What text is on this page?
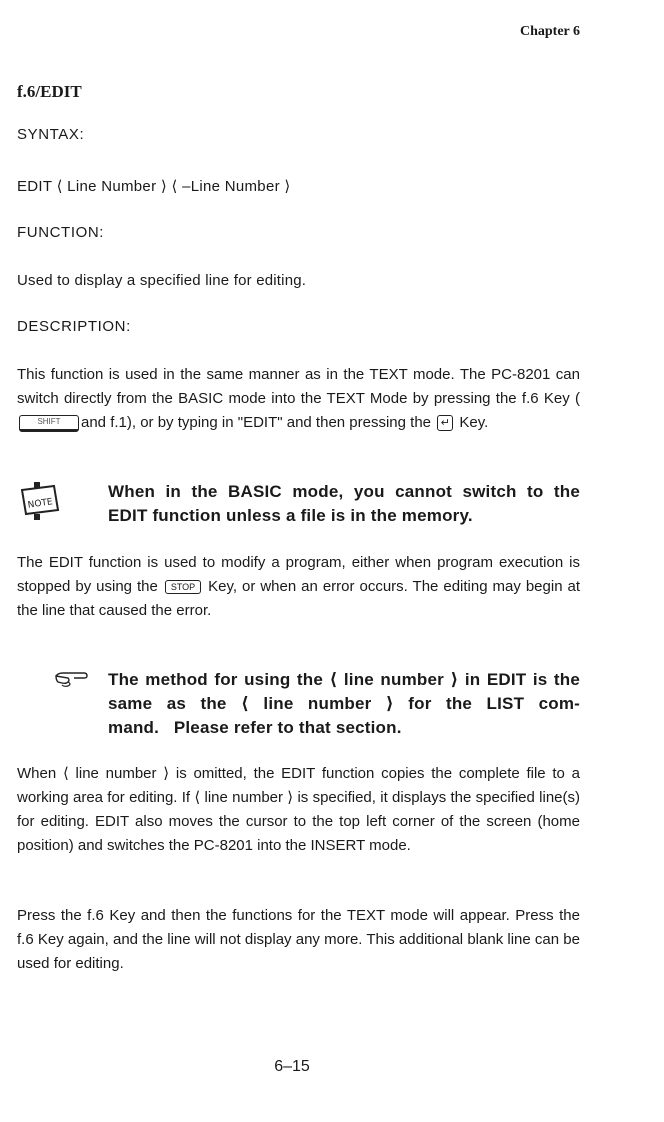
Chapter 6
f.6/EDIT
SYNTAX:
EDIT ⟨ Line Number ⟩ ⟨ –Line Number ⟩
FUNCTION:
Used to display a specified line for editing.
DESCRIPTION:

This function is used in the same manner as in the TEXT mode. The PC-8201 can switch directly from the BASIC mode into the TEXT Mode by pressing the f.6 Key (SHIFT and f.1), or by typing in "EDIT" and then pressing the ↵ Key.

NOTE
When in the BASIC mode, you cannot switch to the
EDIT function unless a file is in the memory.

The EDIT function is used to modify a program, either when program execution is stopped by using the STOP Key, or when an error occurs. The editing may begin at the line that caused the error.

The method for using the ⟨ line number ⟩ in EDIT is the
same as the ⟨ line number ⟩ for the LIST com-
mand.   Please refer to that section.
When ⟨ line number ⟩ is omitted, the EDIT function copies the complete file to a working area for editing. If ⟨ line number ⟩ is specified, it displays the specified line(s) for editing. EDIT also moves the cursor to the top left corner of the screen (home position) and switches the PC-8201 into the INSERT mode.
Press the f.6 Key and then the functions for the TEXT mode will appear. Press the f.6 Key again, and the line will not display any more. This additional blank line can be used for editing.
6–15
